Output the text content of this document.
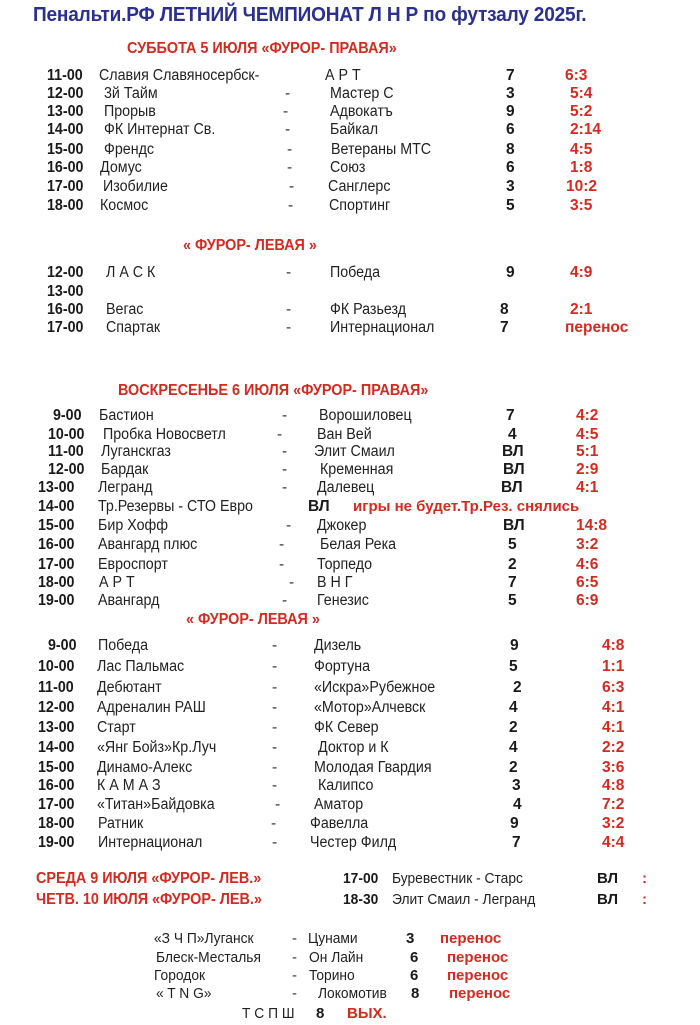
Пенальти.РФ ЛЕТНИЙ ЧЕМПИОНАТ Л Н Р по футзалу 2025г.
СУББОТА 5 ИЮЛЯ «ФУРОР- ПРАВАЯ»
11-00 Славия Славяносербск-	А Р Т	7	6:3
12-00 3й Тайм	-	Мастер С	3	5:4
13-00 Прорыв	-	Адвокатъ	9	5:2
14-00 ФК Интернат Св.	-	Байкал	6	2:14
15-00 Френдс	-	Ветераны МТС	8	4:5
16-00 Домус	- Союз	6	1:8
17-00 Изобилие	- Санглерс	3	10:2
18-00 Космос	- Спортинг	5	3:5
« ФУРОР- ЛЕВАЯ »
12-00 Л А С К	-	Победа	9	4:9
13-00
16-00 Вегас	-	ФК Разьезд	8	2:1
17-00 Спартак	-	Интернационал	7	перенос
ВОСКРЕСЕНЬЕ 6 ИЮЛЯ «ФУРОР- ПРАВАЯ»
9-00 Бастион	- Ворошиловец	7	4:2
10-00 Пробка Новосветл	- Ван Вей	4	4:5
11-00 Луганскгаз	- Элит Смаил	ВЛ	5:1
12-00 Бардак	- Кременная	ВЛ	2:9
13-00 Легранд	- Далевец	ВЛ	4:1
14-00 Тр.Резервы - СТО Евро	ВЛ игры не будет.Тр.Рез. снялись
15-00 Бир Хофф	- Джокер	ВЛ	14:8
16-00 Авангард плюс	- Белая Река	5	3:2
17-00 Евроспорт	- Торпедо	2	4:6
18-00 А Р Т	- В Н Г	7	6:5
19-00 Авангард	- Генезис	5	6:9
« ФУРОР- ЛЕВАЯ »
9-00 Победа	- Дизель	9	4:8
10-00 Лас Пальмас	- Фортуна	5	1:1
11-00 Дебютант	- «Искра»Рубежное	2	6:3
12-00 Адреналин РАШ	- «Мотор»Алчевск	4	4:1
13-00 Старт	- ФК Север	2	4:1
14-00 «Янг Бойз»Кр.Луч	-	Доктор и К	4	2:2
15-00 Динамо-Алекс	- Молодая Гвардия	2	3:6
16-00 К А М А З	-	Калипсо	3	4:8
17-00 «Титан»Байдовка	- Аматор	4	7:2
18-00 Ратник	- Фавелла	9	3:2
19-00 Интернационал	- Честер Филд	7	4:4
СРЕДА 9 ИЮЛЯ «ФУРОР- ЛЕВ.»	17-00 Буревестник - Старс	ВЛ :
ЧЕТВ. 10 ИЮЛЯ «ФУРОР- ЛЕВ.»	18-30 Элит Смаил - Легранд	ВЛ :
«З Ч П»Луганск	- Цунами	3 перенос
Блеск-Месталья - Он Лайн	6 перенос
Городок	- Торино	6 перенос
« T N G»	- Локомотив 8 перенос
Т С П Ш 8 ВЫХ.
